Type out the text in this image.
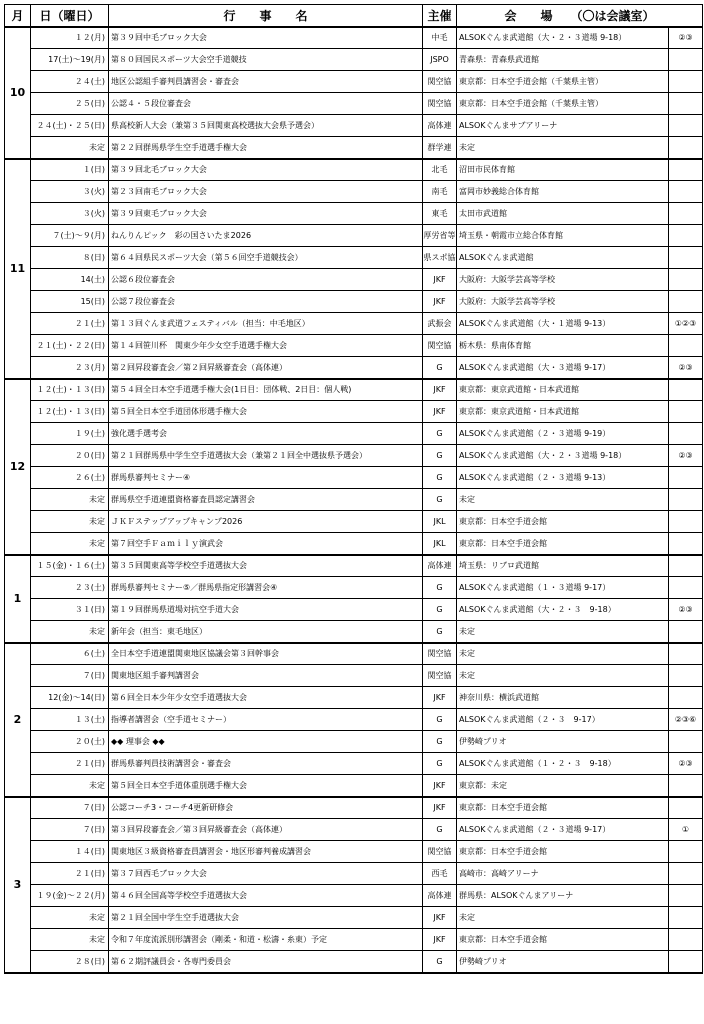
月	日（曜日）	行　　事　　名	主催	会　　場　　（〇は会議室）	
10	１２(月)	第３９回中毛ブロック大会	中毛	ALSOKぐんま武道館（大・２・３道場 9-18）	②③
	17(土)～19(月)	第８０回国民スポーツ大会空手道競技	JSPO	青森県：青森県武道館	
	２４(土)	地区公認組手審判員講習会・審査会	関空協	東京都：日本空手道会館（千葉県主管）	
	２５(日)	公認４・５段位審査会	関空協	東京都：日本空手道会館（千葉県主管）	
	２４(土)・２５(日)	県高校新人大会（兼第３５回関東高校選抜大会県予選会）	高体連	ALSOKぐんまサブアリーナ	
	未定	第２２回群馬県学生空手道選手権大会	群学連	未定	
11	１(日)	第３９回北毛ブロック大会	北毛	沼田市民体育館	
	３(火)	第２３回南毛ブロック大会	南毛	富岡市妙義総合体育館	
	３(火)	第３９回東毛ブロック大会	東毛	太田市武道館	
	７(土)～９(月)	ねんりんピック　彩の国さいたま2026	厚労省等	埼玉県・朝霞市立総合体育館	
	８(日)	第６４回県民スポーツ大会（第５６回空手道競技会）	県スポ協	ALSOKぐんま武道館	
	14(土)	公認６段位審査会	JKF	大阪府：大阪学芸高等学校	
	15(日)	公認７段位審査会	JKF	大阪府：大阪学芸高等学校	
	２１(土)	第１３回ぐんま武道フェスティバル（担当：中毛地区）	武振会	ALSOKぐんま武道館（大・１道場 9-13）	①②③
	２１(土)・２２(日)	第１４回笹川杯　関東少年少女空手道選手権大会	関空協	栃木県：県南体育館	
	２３(月)	第２回昇段審査会／第２回昇級審査会（高体連）	G	ALSOKぐんま武道館（大・３道場 9-17）	②③
12	１２(土)・１３(日)	第５４回全日本空手道選手権大会(1日目：団体戦、2日目：個人戦)	JKF	東京都：東京武道館・日本武道館	
	１２(土)・１３(日)	第５回全日本空手道団体形選手権大会	JKF	東京都：東京武道館・日本武道館	
	１９(土)	強化選手選考会	G	ALSOKぐんま武道館（２・３道場 9-19）	
	２０(日)	第２１回群馬県中学生空手道選抜大会（兼第２１回全中選抜県予選会）	G	ALSOKぐんま武道館（大・２・３道場 9-18）	②③
	２６(土)	群馬県審判セミナー④	G	ALSOKぐんま武道館（２・３道場 9-13）	
	未定	群馬県空手道連盟資格審査員認定講習会	G	未定	
	未定	ＪＫＦステップアップキャンプ2026	JKL	東京都：日本空手道会館	
	未定	第７回空手Ｆａｍｉｌｙ演武会	JKL	東京都：日本空手道会館	
1	１５(金)・１６(土)	第３５回関東高等学校空手道選抜大会	高体連	埼玉県：リブロ武道館	
	２３(土)	群馬県審判セミナー⑤／群馬県指定形講習会④	G	ALSOKぐんま武道館（１・３道場 9-17）	
	３１(日)	第１９回群馬県道場対抗空手道大会	G	ALSOKぐんま武道館（大・２・３　9-18）	②③
	未定	新年会（担当：東毛地区）	G	未定	
2	６(土)	全日本空手道連盟関東地区協議会第３回幹事会	関空協	未定	
	７(日)	関東地区組手審判講習会	関空協	未定	
	12(金)～14(日)	第６回全日本少年少女空手道選抜大会	JKF	神奈川県：横浜武道館	
	１３(土)	指導者講習会（空手道セミナー）	G	ALSOKぐんま武道館（２・３　9-17）	②③⑥
	２０(土)	◆◆ 理事会 ◆◆	G	伊勢崎プリオ	
	２１(日)	群馬県審判員技術講習会・審査会	G	ALSOKぐんま武道館（１・２・３　9-18）	②③
	未定	第５回全日本空手道体重別選手権大会	JKF	東京都：未定	
3	７(日)	公認コーチ3・コーチ4更新研修会	JKF	東京都：日本空手道会館	
	７(日)	第３回昇段審査会／第３回昇級審査会（高体連）	G	ALSOKぐんま武道館（２・３道場 9-17）	①
	１４(日)	関東地区３級資格審査員講習会・地区形審判養成講習会	関空協	東京都：日本空手道会館	
	２１(日)	第３７回西毛ブロック大会	西毛	高崎市：高崎アリーナ	
	１９(金)～２２(月)	第４６回全国高等学校空手道選抜大会	高体連	群馬県：ALSOKぐんまアリーナ	
	未定	第２１回全国中学生空手道選抜大会	JKF	未定	
	未定	令和７年度流派別形講習会（剛柔・和道・松濤・糸東）予定	JKF	東京都：日本空手道会館	
	２８(日)	第６２期評議員会・各専門委員会	G	伊勢崎プリオ	
